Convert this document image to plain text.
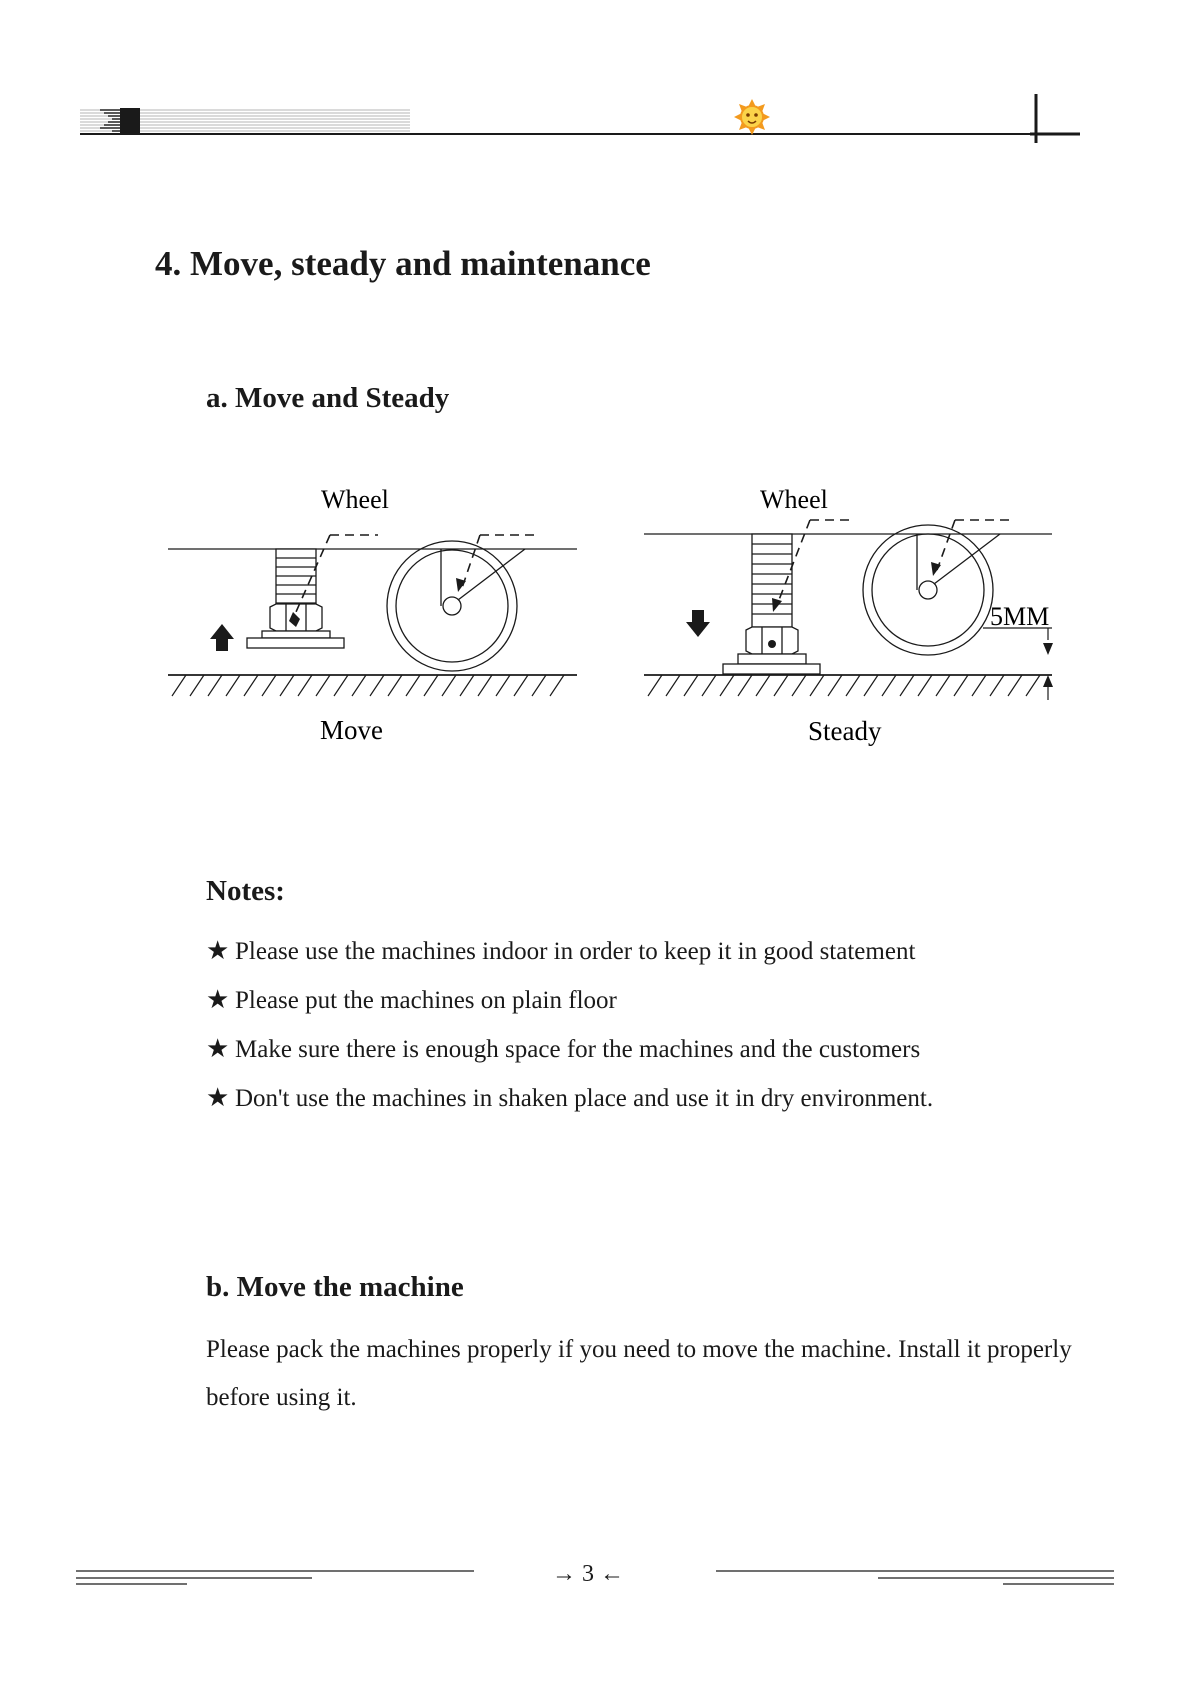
4. Move, steady and maintenance
a. Move and Steady
Wheel
Move
Wheel
5MM
Steady
Notes:
★ Please use the machines indoor in order to keep it in good statement
★ Please put the machines on plain floor
★ Make sure there is enough space for the machines and the customers
★ Don't use the machines in shaken place and use it in dry environment.
b. Move the machine
Please pack the machines properly if you need to move the machine. Install it properly before using it.
→ 3 ←
